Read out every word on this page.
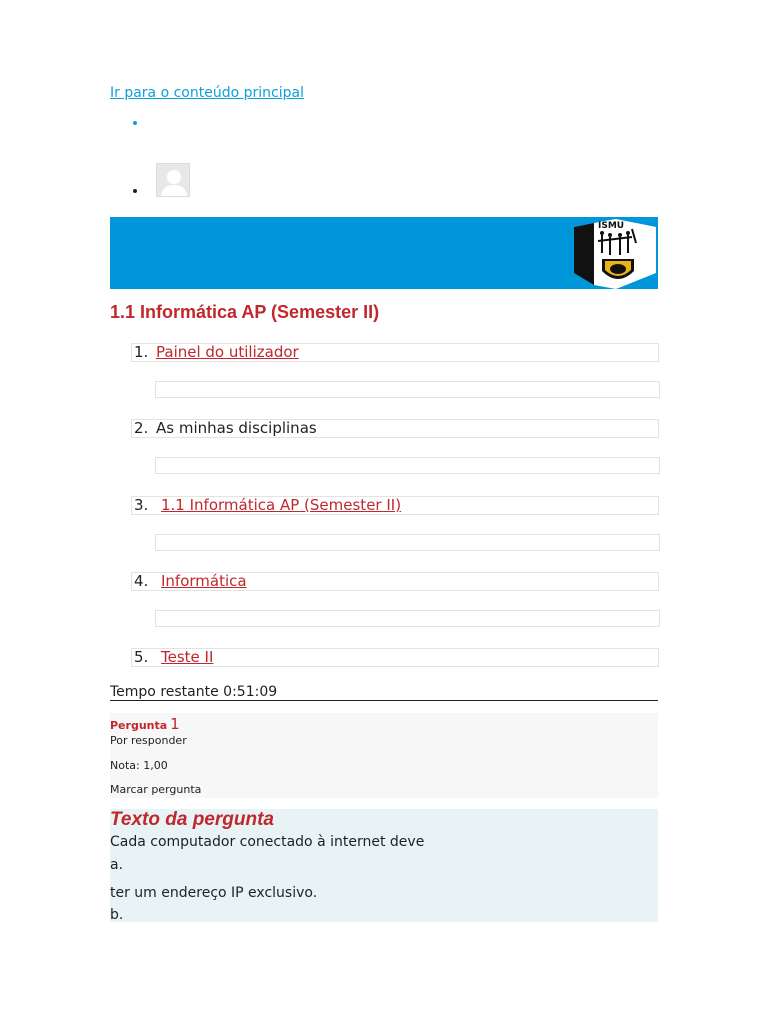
Ir para o conteúdo principal
ISMU
1.1 Informática AP (Semester II)
1. Painel do utilizador
2. As minhas disciplinas
3. 1.1 Informática AP (Semester II)
4. Informática
5. Teste II
Tempo restante 0:51:09
Pergunta 1
Por responder
Nota: 1,00
Marcar pergunta
Texto da pergunta
Cada computador conectado à internet deve
a.
ter um endereço IP exclusivo.
b.
